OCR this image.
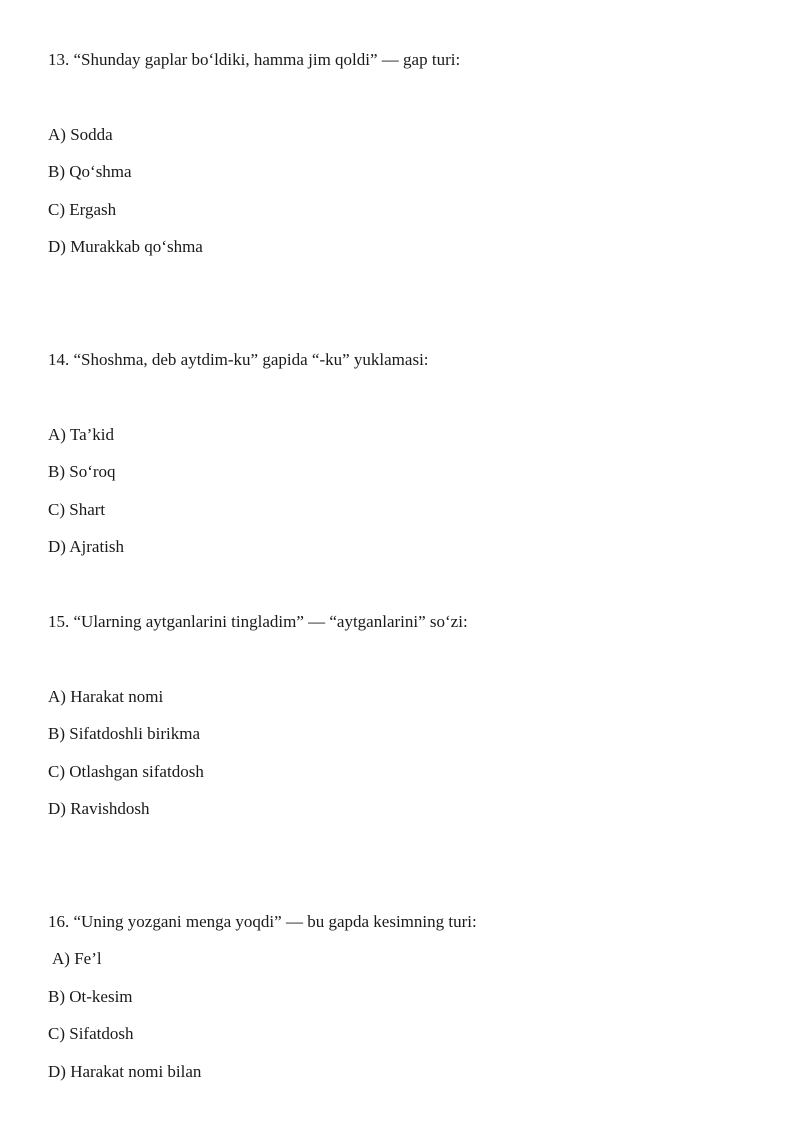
13. “Shunday gaplar bo‘ldiki, hamma jim qoldi” — gap turi:

A) Sodda

B) Qo‘shma

C) Ergash

D) Murakkab qo‘shma

14. “Shoshma, deb aytdim-ku” gapida “-ku” yuklamasi:

A) Ta’kid

B) So‘roq

C) Shart

D) Ajratish

15. “Ularning aytganlarini tingladim” — “aytganlarini” so‘zi:

A) Harakat nomi

B) Sifatdoshli birikma

C) Otlashgan sifatdosh

D) Ravishdosh

16. “Uning yozgani menga yoqdi” — bu gapda kesimning turi:

A) Fe’l

B) Ot-kesim

C) Sifatdosh

D) Harakat nomi bilan
